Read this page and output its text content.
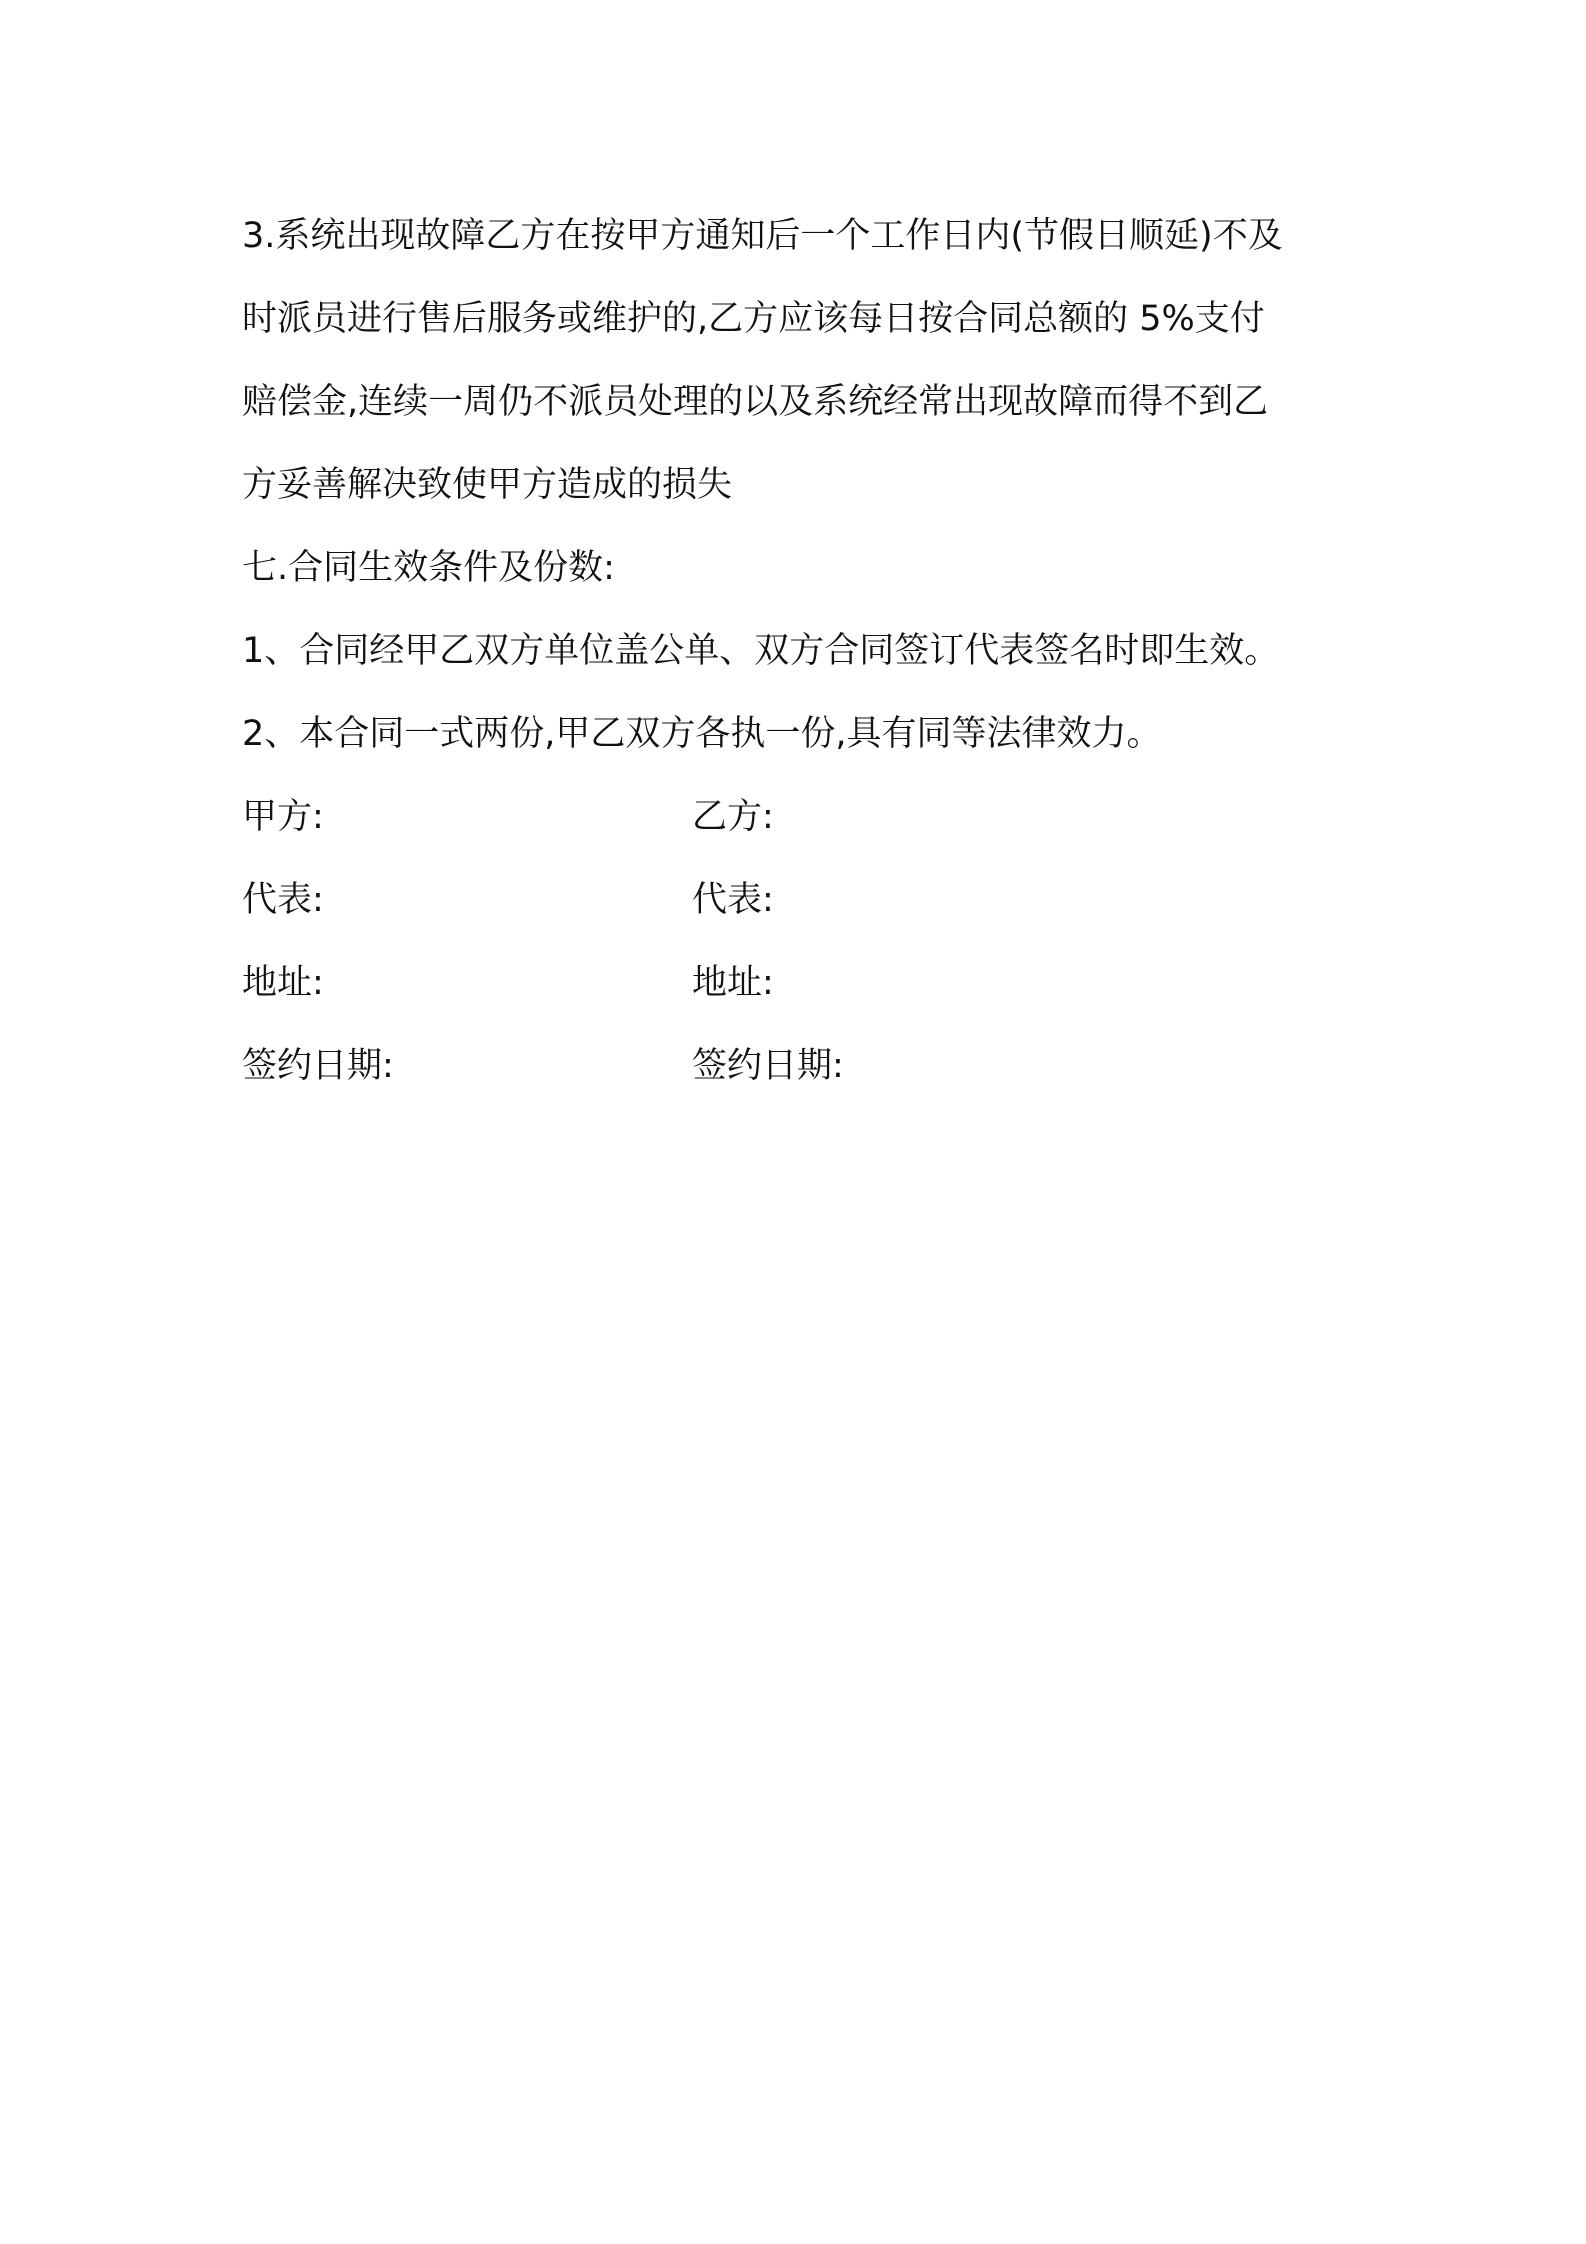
3.系统出现故障乙方在按甲方通知后一个工作日内(节假日顺延)不及

时派员进行售后服务或维护的,乙方应该每日按合同总额的 5%支付

赔偿金,连续一周仍不派员处理的以及系统经常出现故障而得不到乙

方妥善解决致使甲方造成的损失

七.合同生效条件及份数:

1、合同经甲乙双方单位盖公单、双方合同签订代表签名时即生效。

2、本合同一式两份,甲乙双方各执一份,具有同等法律效力。

甲方:	乙方:
代表:	代表:
地址:	地址:
签约日期:	签约日期:
